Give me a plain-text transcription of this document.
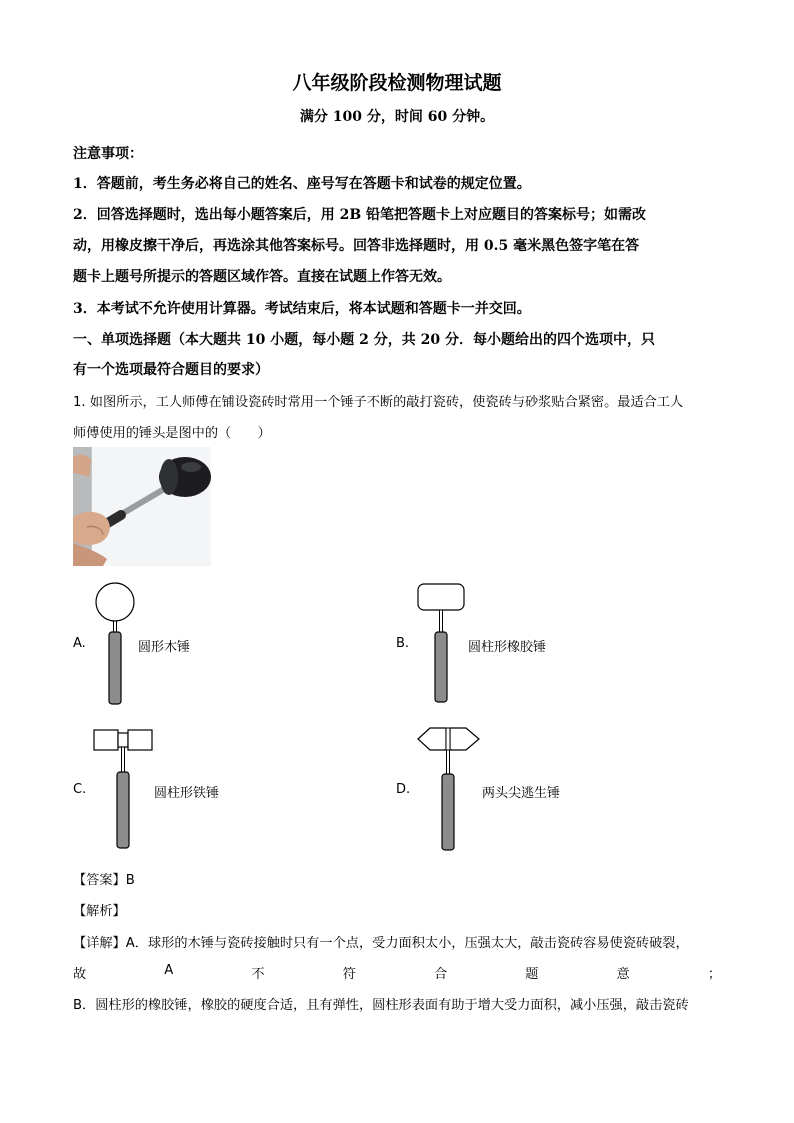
八年级阶段检测物理试题
满分 100 分，时间 60 分钟。
注意事项：
1．答题前，考生务必将自己的姓名、座号写在答题卡和试卷的规定位置。
2．回答选择题时，选出每小题答案后，用 2B 铅笔把答题卡上对应题目的答案标号；如需改
动，用橡皮擦干净后，再选涂其他答案标号。回答非选择题时，用 0.5 毫米黑色签字笔在答
题卡上题号所提示的答题区域作答。直接在试题上作答无效。
3．本考试不允许使用计算器。考试结束后，将本试题和答题卡一并交回。
一、单项选择题（本大题共 10 小题，每小题 2 分，共 20 分．每小题给出的四个选项中，只
有一个选项最符合题目的要求）
1. 如图所示，工人师傅在铺设瓷砖时常用一个锤子不断的敲打瓷砖，使瓷砖与砂浆贴合紧密。最适合工人
师傅使用的锤头是图中的（　　）
A.	圆形木锤	B.	圆柱形橡胶锤
C.	圆柱形铁锤	D.	两头尖逃生锤
【答案】B
【解析】
【详解】A．球形的木锤与瓷砖接触时只有一个点，受力面积太小，压强太大，敲击瓷砖容易使瓷砖破裂，
故	A	不	符	合	题	意	；
B．圆柱形的橡胶锤，橡胶的硬度合适，且有弹性，圆柱形表面有助于增大受力面积，减小压强，敲击瓷砖
